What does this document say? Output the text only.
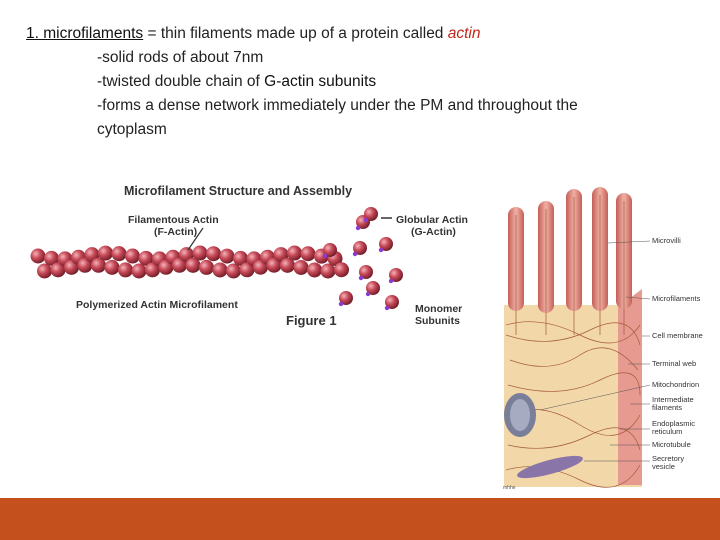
1. microfilaments = thin filaments made up of a protein called actin
-solid rods of about 7nm
-twisted double chain of G-actin subunits
-forms a dense network immediately under the PM and throughout the
cytoplasm
Microfilament Structure and Assembly
Filamentous Actin
(F-Actin)
Globular Actin
(G-Actin)
Polymerized Actin Microfilament	Monomer
Subunits
Figure 1
Microvilli
Microfilaments
Cell membrane
Terminal web
Mitochondrion
Intermediate filaments
Endoplasmic reticulum
Microtubule
Secretory vesicle
mhhe
